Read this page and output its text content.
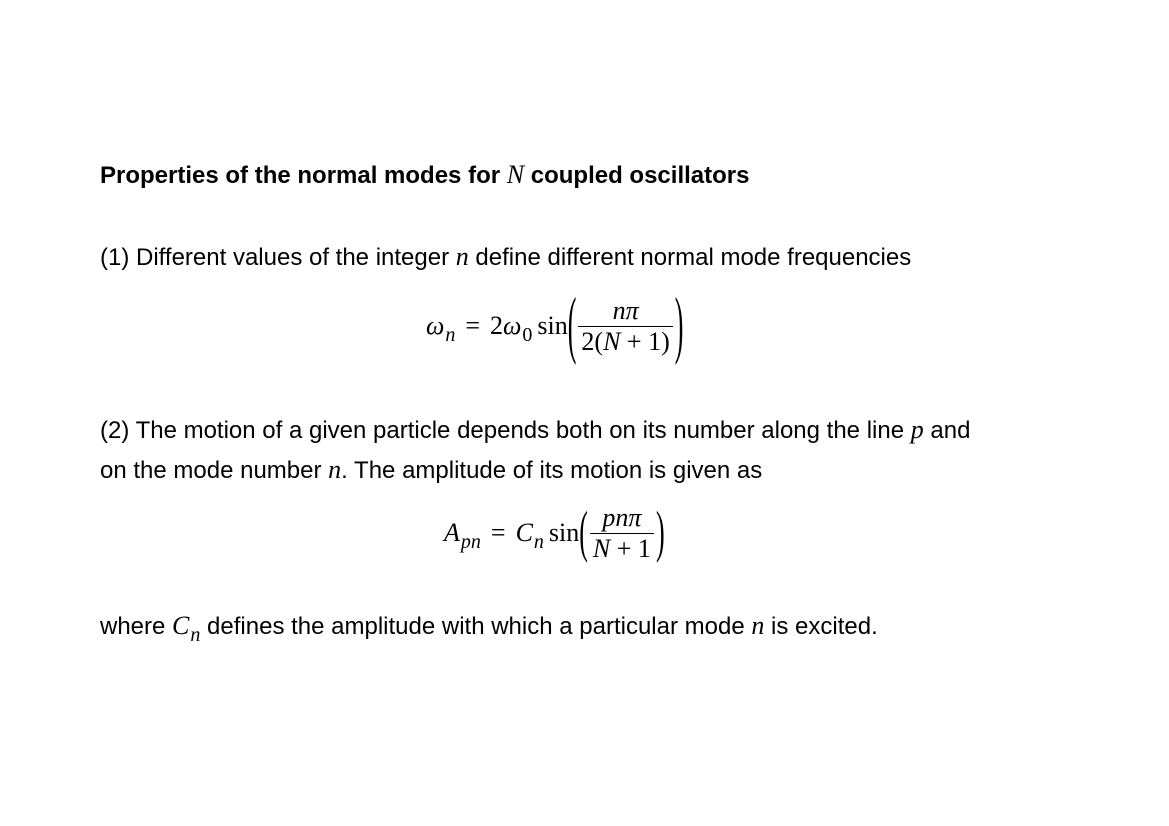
Properties of the normal modes for N coupled oscillators
(1) Different values of the integer n define different normal mode frequencies
$\omega_n = 2$ $\omega_0$ sin ( $\frac{n\pi}{2(N + 1)}$ )
(2) The motion of a given particle depends both on its number along the line p and
on the mode number n. The amplitude of its motion is given as
$A_{pn} = C_n$ sin ( $\frac{\text{pnπ}}{N + 1}$ )
where $C_n$ defines the amplitude with which a particular mode n is excited.
